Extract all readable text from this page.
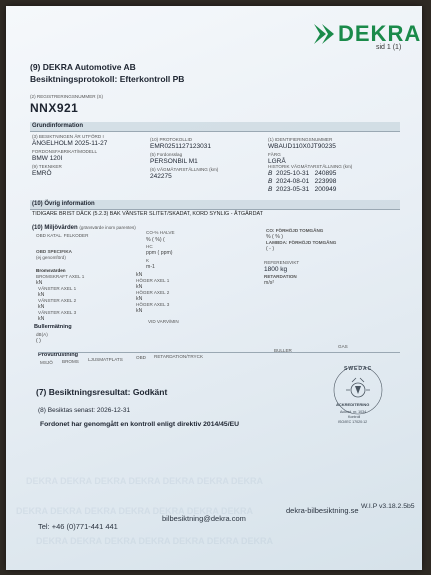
DEKRA DEKRA DEKRA DEKRA DEKRA DEKRA DEKRA
DEKRA DEKRA DEKRA DEKRA DEKRA DEKRA DEKRA
DEKRA DEKRA DEKRA DEKRA DEKRA DEKRA DEKRA
DEKRA
sid 1 (1)
(9) DEKRA Automotive AB
Besiktningsprotokoll: Efterkontroll PB
(2) REGISTRERINGSNUMMER (S)
NNX921
Grundinformation
(3) BESIKTNINGEN ÄR UTFÖRD I
ÄNGELHOLM 2025-11-27
FORDONSFABRIKAT/MODELL
BMW 120I
(9) TEKNIKER
EMRÖ
(10) PROTOKOLLID
EMR0251127123031
(5) Fordonsslag
PERSONBIL M1
(6) VÄGMÄTARSTÄLLNING (km)
242275
(1) IDENTIFIERINGSNUMMER
WBAUD110X0JT90235
FÄRG
LGRÅ
HISTORIK VÄGMÄTARSTÄLLNING (km)
B 2025-10-31 240895
B 2024-08-01 223998
B 2023-05-31 200949
(10) Övrig information
TIDIGARE BRIST DÄCK (5.2.3) BAK VÄNSTER SLITET/SKADAT, KORD SYNLIG - ÅTGÄRDAT
(10) Miljövärden (gränsvärde inom parentes)
OBD KATAL. FELKODER
CO-% HALVE
% ( %) (
HC
ppm ( ppm)
CO: FÖRHÖJD TOMGÅNG
% ( % )
LAMBDA: FÖRHÖJD TOMGÅNG
( - )
OBD SPECIFIKA
(ej genomförd)
K
m-1
Bromsvärden
BROMSKRAFT AXEL 1
kN
kN
REFERENSVIKT
1800 kg
RETARDATION
m/s²
VÄNSTER AXEL 1
kN
HÖGER AXEL 1
kN
VÄNSTER AXEL 2
kN
HÖGER AXEL 2
kN
VÄNSTER AXEL 3
kN
HÖGER AXEL 3
kN
Bullermätning
VID VARV/MIN
dB(A)
( )
Provutrustning
MSJÖ BROMS LJUSMATPLATS	OBD RETARDATION/TRYCK
BULLER
GAS
SWEDAC
ACKREDITERING
Ackred. nr. 1034
Kontroll
ISO/IEC 17020:12
(7) Besiktningsresultat: Godkänt
(8) Besiktas senast: 2026-12-31
Fordonet har genomgått en kontroll enligt direktiv 2014/45/EU
Tel: +46 (0)771-441 441
bilbesiktning@dekra.com
dekra-bilbesiktning.se W.I.P v3.18.2.5b5
